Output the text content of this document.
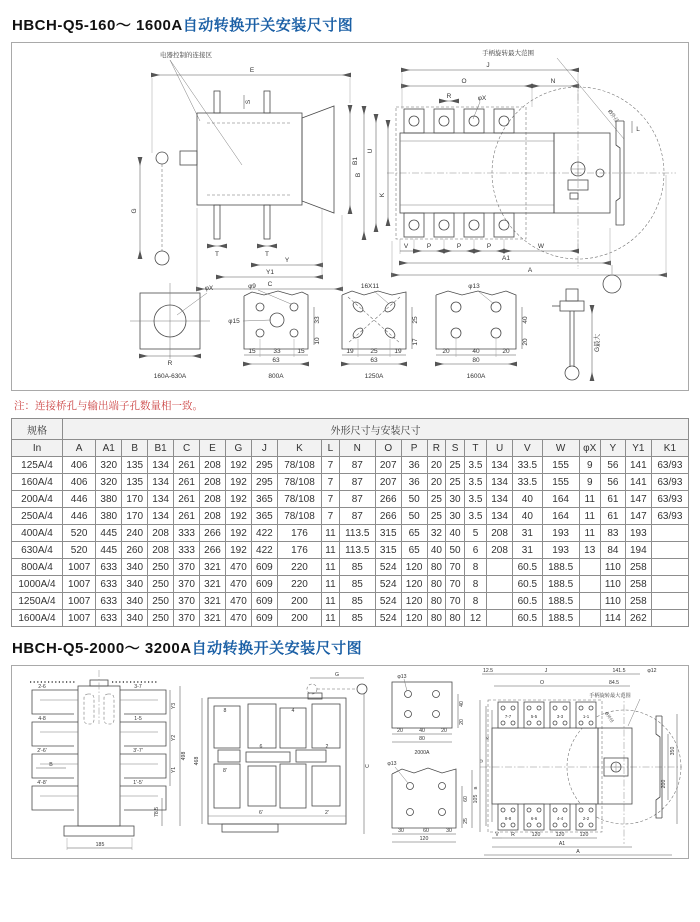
HBCH-Q5-160～ 1600A自动转换开关安装尺寸图
电器控制的连接区
E
S
B1
G
T	T
Y
Y1
C
手柄旋转最大范围
Ø外径
J
O	N
R	φX
L
B
U
K
V	P	P	P	W
A1
A
φX
R
160A-630A
φ9
φ15	33
10
15	33	15
63
800A
16X11
25
17
19	25	19
63
1250A
φ13
40
20
20	40	20
80
1600A
G最大
注：连接桥孔与输出端子孔数量相一致。
规格	外形尺寸与安装尺寸																						
In	A	A1	B	B1	C	E	G	J	K	L	N	O	P	R	S	T	U	V	W	φX	Y	Y1	K1
125A/4	406	320	135	134	261	208	192	295	78/108	7	87	207	36	20	25	3.5	134	33.5	155	9	56	141	63/93
160A/4	406	320	135	134	261	208	192	295	78/108	7	87	207	36	20	25	3.5	134	33.5	155	9	56	141	63/93
200A/4	446	380	170	134	261	208	192	365	78/108	7	87	266	50	25	30	3.5	134	40	164	11	61	147	63/93
250A/4	446	380	170	134	261	208	192	365	78/108	7	87	266	50	25	30	3.5	134	40	164	11	61	147	63/93
400A/4	520	445	240	208	333	266	192	422	176	11	113.5	315	65	32	40	5	208	31	193	11	83	193	
630A/4	520	445	260	208	333	266	192	422	176	11	113.5	315	65	40	50	6	208	31	193	13	84	194	
800A/4	1007	633	340	250	370	321	470	609	220	11	85	524	120	80	70	8		60.5	188.5		110	258	
1000A/4	1007	633	340	250	370	321	470	609	220	11	85	524	120	80	70	8		60.5	188.5		110	258	
1250A/4	1007	633	340	250	370	321	470	609	200	11	85	524	120	80	70	8		60.5	188.5		110	258	
1600A/4	1007	633	340	250	370	321	470	609	200	11	85	524	120	80	80	12		60.5	188.5		114	262	
HBCH-Q5-2000～ 3200A自动转换开关安装尺寸图
2-6
4-8
2'-6'
4'-8'
3-7
1-5
3'-7'
1'-5'
B
Y3
Y2
Y1
78.5
498
185
G
8	4
6	2
8'
6'	2'
468
C
φ13
40
20
20	40	20
80
2000A
φ13
60
25
105
30	60	30
120
12.5	J	141.5	φ12
O	84.5
手柄旋转最大范围
Ø外径
7-7	5-5	3-3	1-1
8-8	6-6	4-4	2-2
200
350
B
U
K
V R	120	120	120
A1
A
